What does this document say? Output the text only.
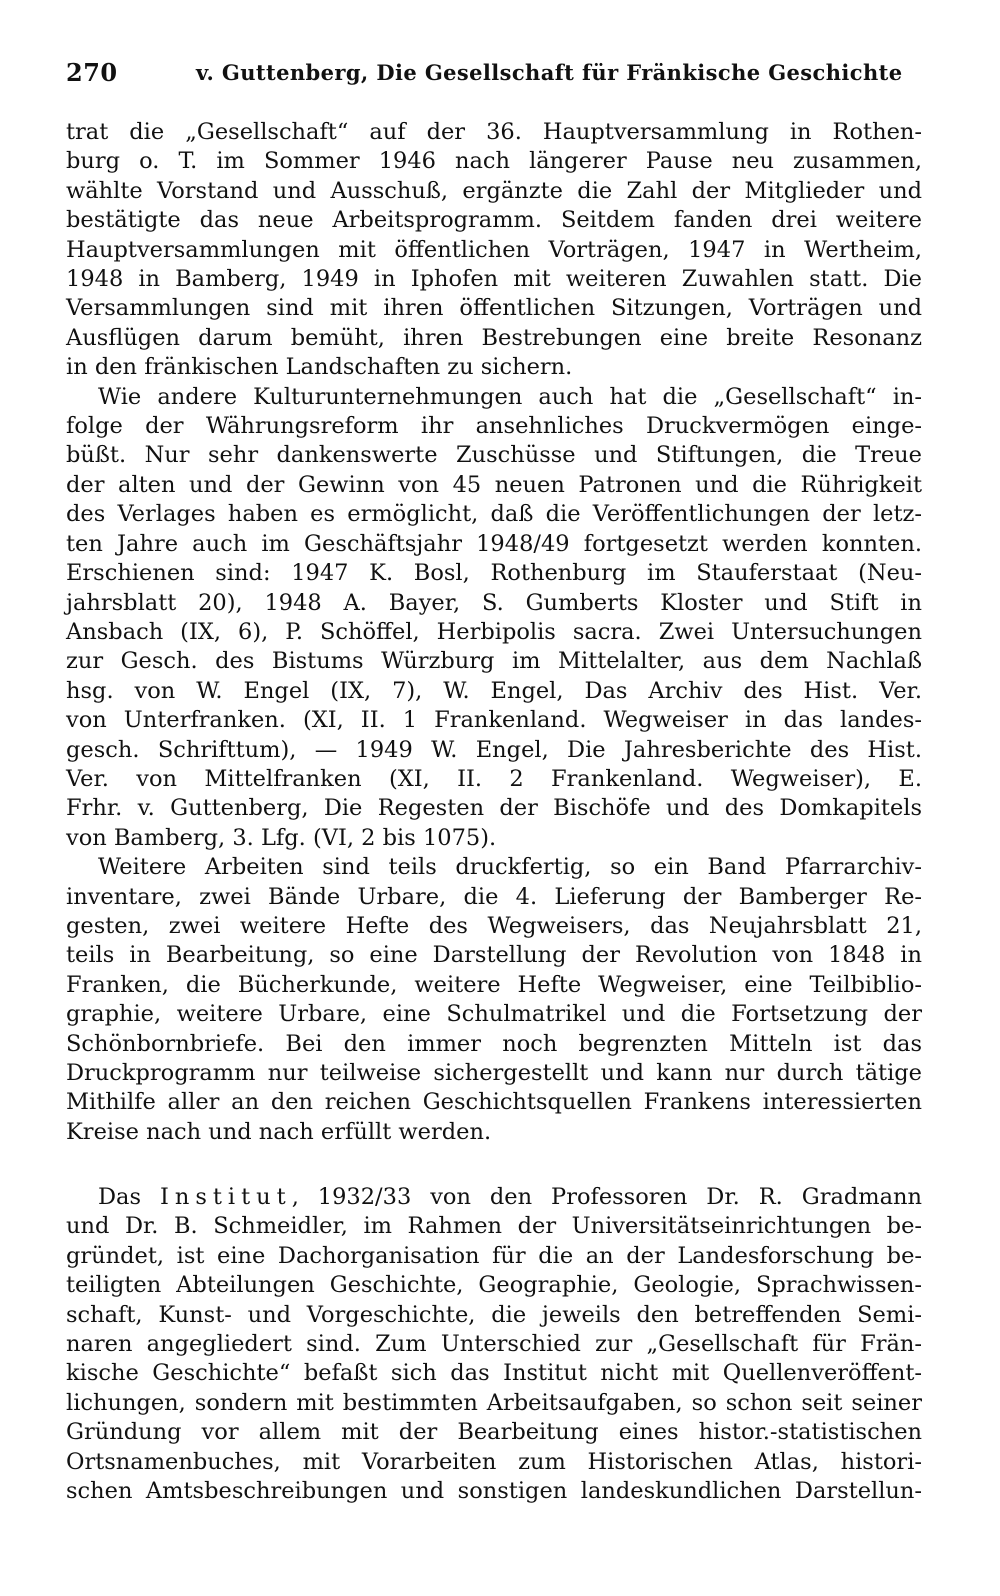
270	v. Guttenberg, Die Gesellschaft für Fränkische Geschichte

trat die „Gesellschaft“ auf der 36. Hauptversammlung in Rothen-
burg o. T. im Sommer 1946 nach längerer Pause neu zusammen,
wählte Vorstand und Ausschuß, ergänzte die Zahl der Mitglieder und
bestätigte das neue Arbeitsprogramm. Seitdem fanden drei weitere
Hauptversammlungen mit öffentlichen Vorträgen, 1947 in Wertheim,
1948 in Bamberg, 1949 in Iphofen mit weiteren Zuwahlen statt. Die
Versammlungen sind mit ihren öffentlichen Sitzungen, Vorträgen und
Ausflügen darum bemüht, ihren Bestrebungen eine breite Resonanz
in den fränkischen Landschaften zu sichern.

Wie andere Kulturunternehmungen auch hat die „Gesellschaft“ in-
folge der Währungsreform ihr ansehnliches Druckvermögen einge-
büßt. Nur sehr dankenswerte Zuschüsse und Stiftungen, die Treue
der alten und der Gewinn von 45 neuen Patronen und die Rührigkeit
des Verlages haben es ermöglicht, daß die Veröffentlichungen der letz-
ten Jahre auch im Geschäftsjahr 1948/49 fortgesetzt werden konnten.
Erschienen sind: 1947 K. Bosl, Rothenburg im Stauferstaat (Neu-
jahrsblatt 20), 1948 A. Bayer, S. Gumberts Kloster und Stift in
Ansbach (IX, 6), P. Schöffel, Herbipolis sacra. Zwei Untersuchungen
zur Gesch. des Bistums Würzburg im Mittelalter, aus dem Nachlaß
hsg. von W. Engel (IX, 7), W. Engel, Das Archiv des Hist. Ver.
von Unterfranken. (XI, II. 1 Frankenland. Wegweiser in das landes-
gesch. Schrifttum), — 1949 W. Engel, Die Jahresberichte des Hist.
Ver. von Mittelfranken (XI, II. 2 Frankenland. Wegweiser), E.
Frhr. v. Guttenberg, Die Regesten der Bischöfe und des Domkapitels
von Bamberg, 3. Lfg. (VI, 2 bis 1075).

Weitere Arbeiten sind teils druckfertig, so ein Band Pfarrarchiv-
inventare, zwei Bände Urbare, die 4. Lieferung der Bamberger Re-
gesten, zwei weitere Hefte des Wegweisers, das Neujahrsblatt 21,
teils in Bearbeitung, so eine Darstellung der Revolution von 1848 in
Franken, die Bücherkunde, weitere Hefte Wegweiser, eine Teilbiblio-
graphie, weitere Urbare, eine Schulmatrikel und die Fortsetzung der
Schönbornbriefe. Bei den immer noch begrenzten Mitteln ist das
Druckprogramm nur teilweise sichergestellt und kann nur durch tätige
Mithilfe aller an den reichen Geschichtsquellen Frankens interessierten
Kreise nach und nach erfüllt werden.

Das Institut, 1932/33 von den Professoren Dr. R. Gradmann
und Dr. B. Schmeidler, im Rahmen der Universitätseinrichtungen be-
gründet, ist eine Dachorganisation für die an der Landesforschung be-
teiligten Abteilungen Geschichte, Geographie, Geologie, Sprachwissen-
schaft, Kunst- und Vorgeschichte, die jeweils den betreffenden Semi-
naren angegliedert sind. Zum Unterschied zur „Gesellschaft für Frän-
kische Geschichte“ befaßt sich das Institut nicht mit Quellenveröffent-
lichungen, sondern mit bestimmten Arbeitsaufgaben, so schon seit seiner
Gründung vor allem mit der Bearbeitung eines histor.-statistischen
Ortsnamenbuches, mit Vorarbeiten zum Historischen Atlas, histori-
schen Amtsbeschreibungen und sonstigen landeskundlichen Darstellun-
